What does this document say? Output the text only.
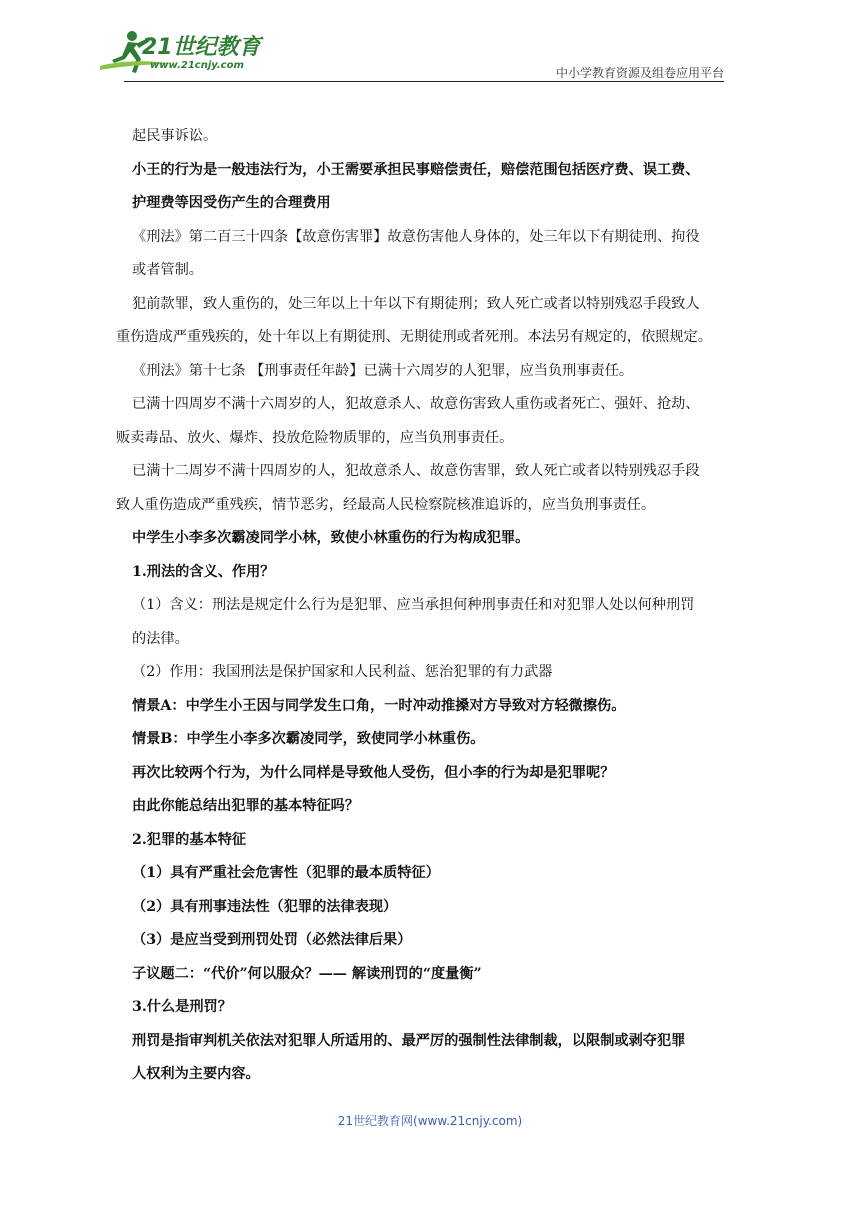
21世纪教育
www.21cnjy.com
中小学教育资源及组卷应用平台

起民事诉讼。

小王的行为是一般违法行为，小王需要承担民事赔偿责任，赔偿范围包括医疗费、误工费、

护理费等因受伤产生的合理费用

《刑法》第二百三十四条【故意伤害罪】故意伤害他人身体的，处三年以下有期徒刑、拘役

或者管制。

犯前款罪，致人重伤的，处三年以上十年以下有期徒刑；致人死亡或者以特别残忍手段致人

重伤造成严重残疾的，处十年以上有期徒刑、无期徒刑或者死刑。本法另有规定的，依照规定。

《刑法》第十七条 【刑事责任年龄】已满十六周岁的人犯罪，应当负刑事责任。

已满十四周岁不满十六周岁的人，犯故意杀人、故意伤害致人重伤或者死亡、强奸、抢劫、

贩卖毒品、放火、爆炸、投放危险物质罪的，应当负刑事责任。

已满十二周岁不满十四周岁的人，犯故意杀人、故意伤害罪，致人死亡或者以特别残忍手段

致人重伤造成严重残疾，情节恶劣，经最高人民检察院核准追诉的，应当负刑事责任。

中学生小李多次霸凌同学小林，致使小林重伤的行为构成犯罪。

1.刑法的含义、作用？

（1）含义：刑法是规定什么行为是犯罪、应当承担何种刑事责任和对犯罪人处以何种刑罚

的法律。

（2）作用：我国刑法是保护国家和人民利益、惩治犯罪的有力武器

情景A：中学生小王因与同学发生口角，一时冲动推搡对方导致对方轻微擦伤。

情景B：中学生小李多次霸凌同学，致使同学小林重伤。

再次比较两个行为，为什么同样是导致他人受伤，但小李的行为却是犯罪呢？

由此你能总结出犯罪的基本特征吗？

2.犯罪的基本特征

（1）具有严重社会危害性（犯罪的最本质特征）

（2）具有刑事违法性（犯罪的法律表现）

（3）是应当受到刑罚处罚（必然法律后果）

子议题二：“代价”何以服众？—— 解读刑罚的“度量衡”

3.什么是刑罚？

刑罚是指审判机关依法对犯罪人所适用的、最严厉的强制性法律制裁，以限制或剥夺犯罪

人权利为主要内容。

21世纪教育网(www.21cnjy.com)
